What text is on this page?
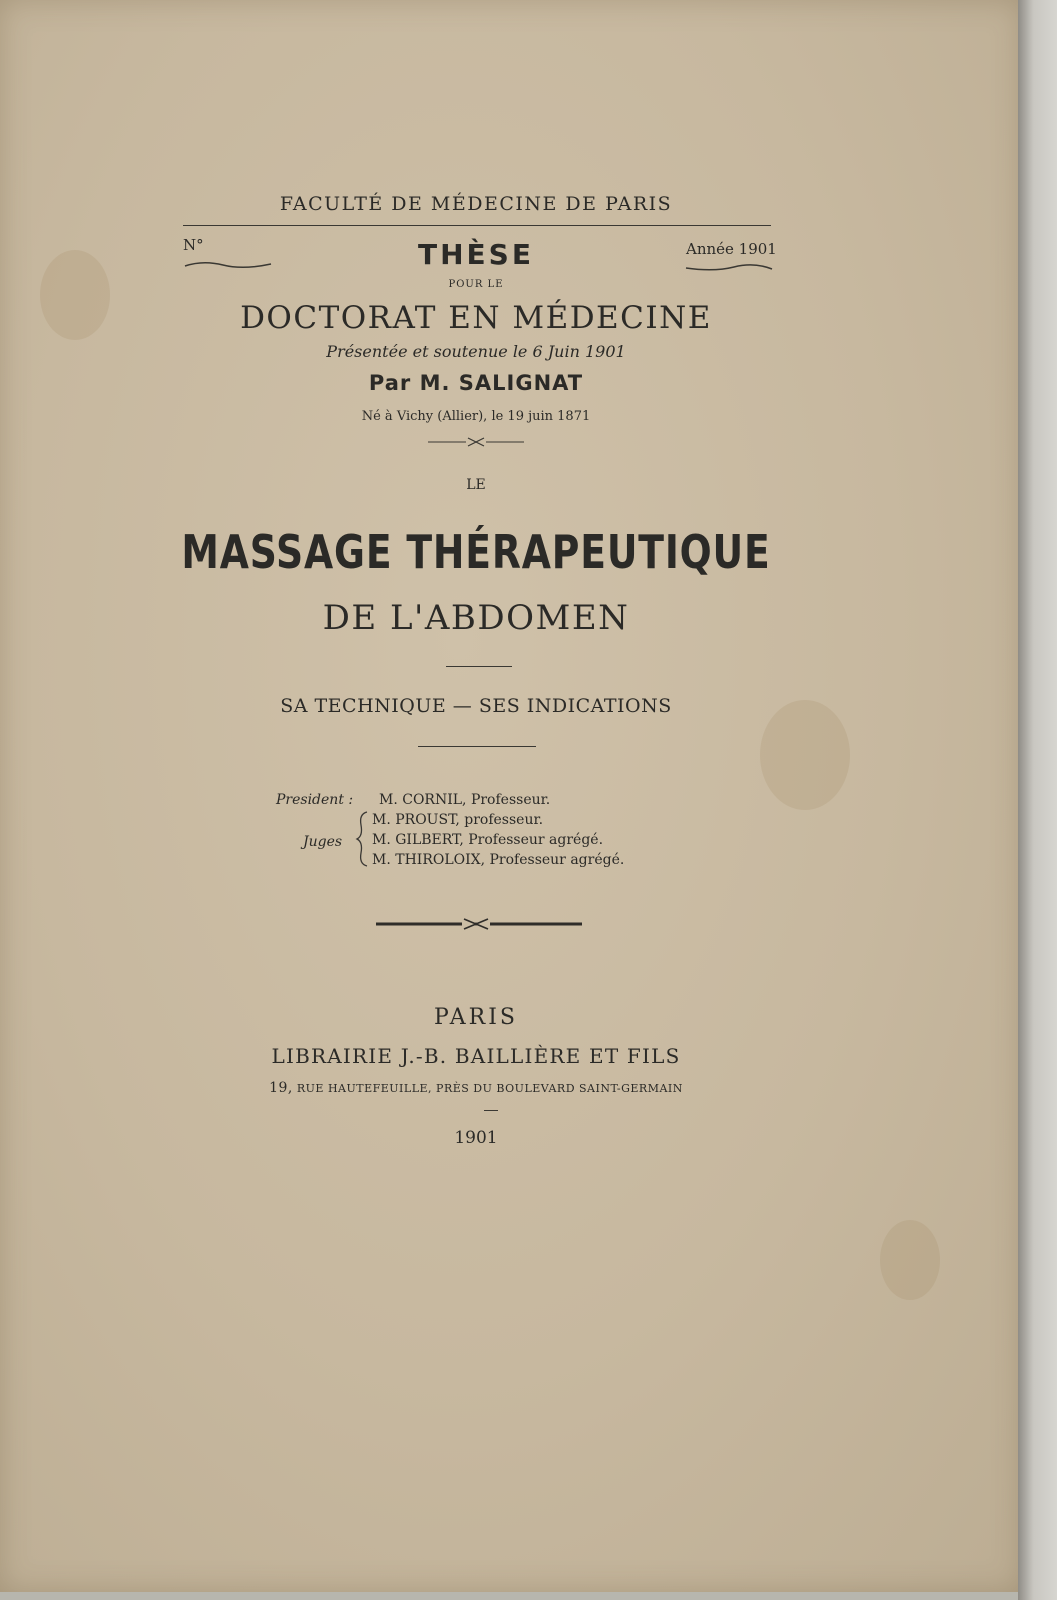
FACULTÉ DE MÉDECINE DE PARIS
N°	Année 1901
THÈSE
POUR LE
DOCTORAT EN MÉDECINE
Présentée et soutenue le 6 Juin 1901
Par M. SALIGNAT
Né à Vichy (Allier), le 19 juin 1871
LE
MASSAGE THÉRAPEUTIQUE
DE L'ABDOMEN
SA TECHNIQUE — SES INDICATIONS
President : M. CORNIL, Professeur.
Juges
M. PROUST, professeur.
M. GILBERT, Professeur agrégé.
M. THIROLOIX, Professeur agrégé.
PARIS
LIBRAIRIE J.-B. BAILLIÈRE ET FILS
19, RUE HAUTEFEUILLE, PRÈS DU BOULEVARD SAINT-GERMAIN
1901
